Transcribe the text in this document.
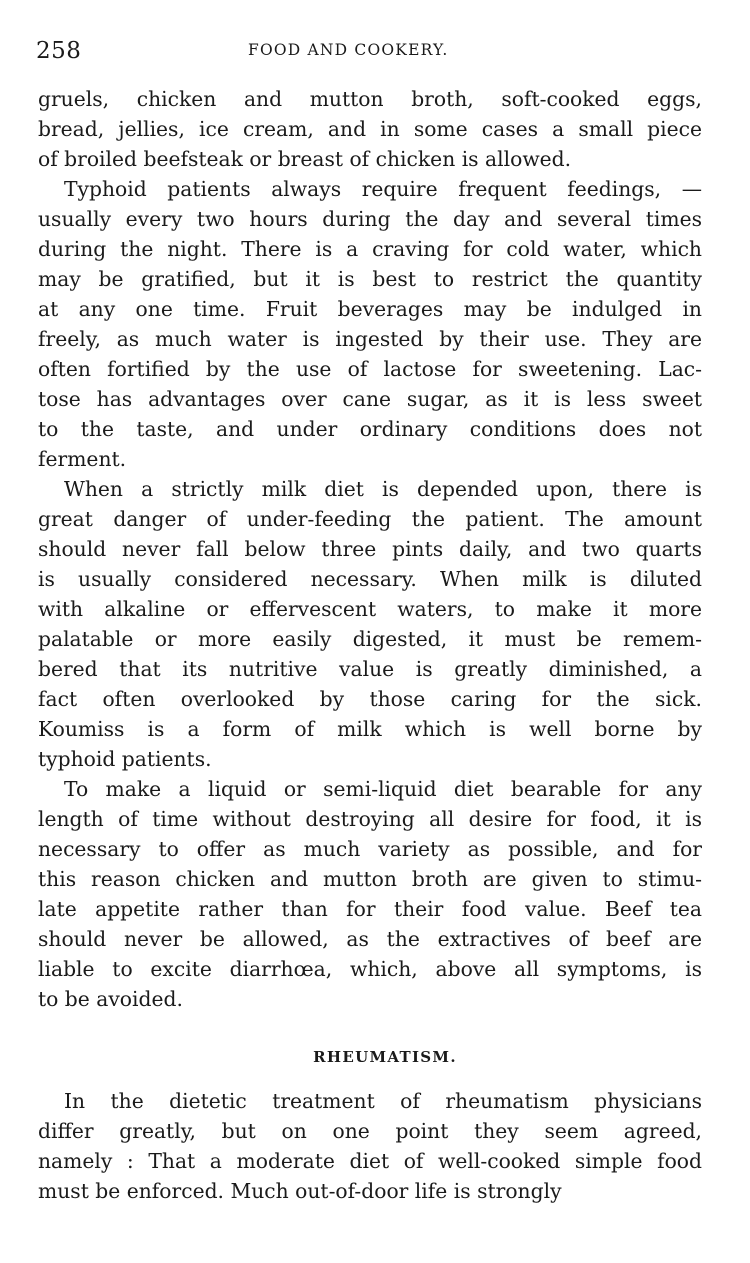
258	FOOD AND COOKERY.
gruels, chicken and mutton broth, soft-cooked eggs,
bread, jellies, ice cream, and in some cases a small piece
of broiled beefsteak or breast of chicken is allowed.
Typhoid patients always require frequent feedings, —
usually every two hours during the day and several times
during the night. There is a craving for cold water, which
may be gratified, but it is best to restrict the quantity
at any one time. Fruit beverages may be indulged in
freely, as much water is ingested by their use. They are
often fortified by the use of lactose for sweetening. Lac-
tose has advantages over cane sugar, as it is less sweet
to the taste, and under ordinary conditions does not
ferment.
When a strictly milk diet is depended upon, there is
great danger of under-feeding the patient. The amount
should never fall below three pints daily, and two quarts
is usually considered necessary. When milk is diluted
with alkaline or effervescent waters, to make it more
palatable or more easily digested, it must be remem-
bered that its nutritive value is greatly diminished, a
fact often overlooked by those caring for the sick.
Koumiss is a form of milk which is well borne by
typhoid patients.
To make a liquid or semi-liquid diet bearable for any
length of time without destroying all desire for food, it is
necessary to offer as much variety as possible, and for
this reason chicken and mutton broth are given to stimu-
late appetite rather than for their food value. Beef tea
should never be allowed, as the extractives of beef are
liable to excite diarrhœa, which, above all symptoms, is
to be avoided.
RHEUMATISM.
In the dietetic treatment of rheumatism physicians
differ greatly, but on one point they seem agreed,
namely : That a moderate diet of well-cooked simple food
must be enforced. Much out-of-door life is strongly
